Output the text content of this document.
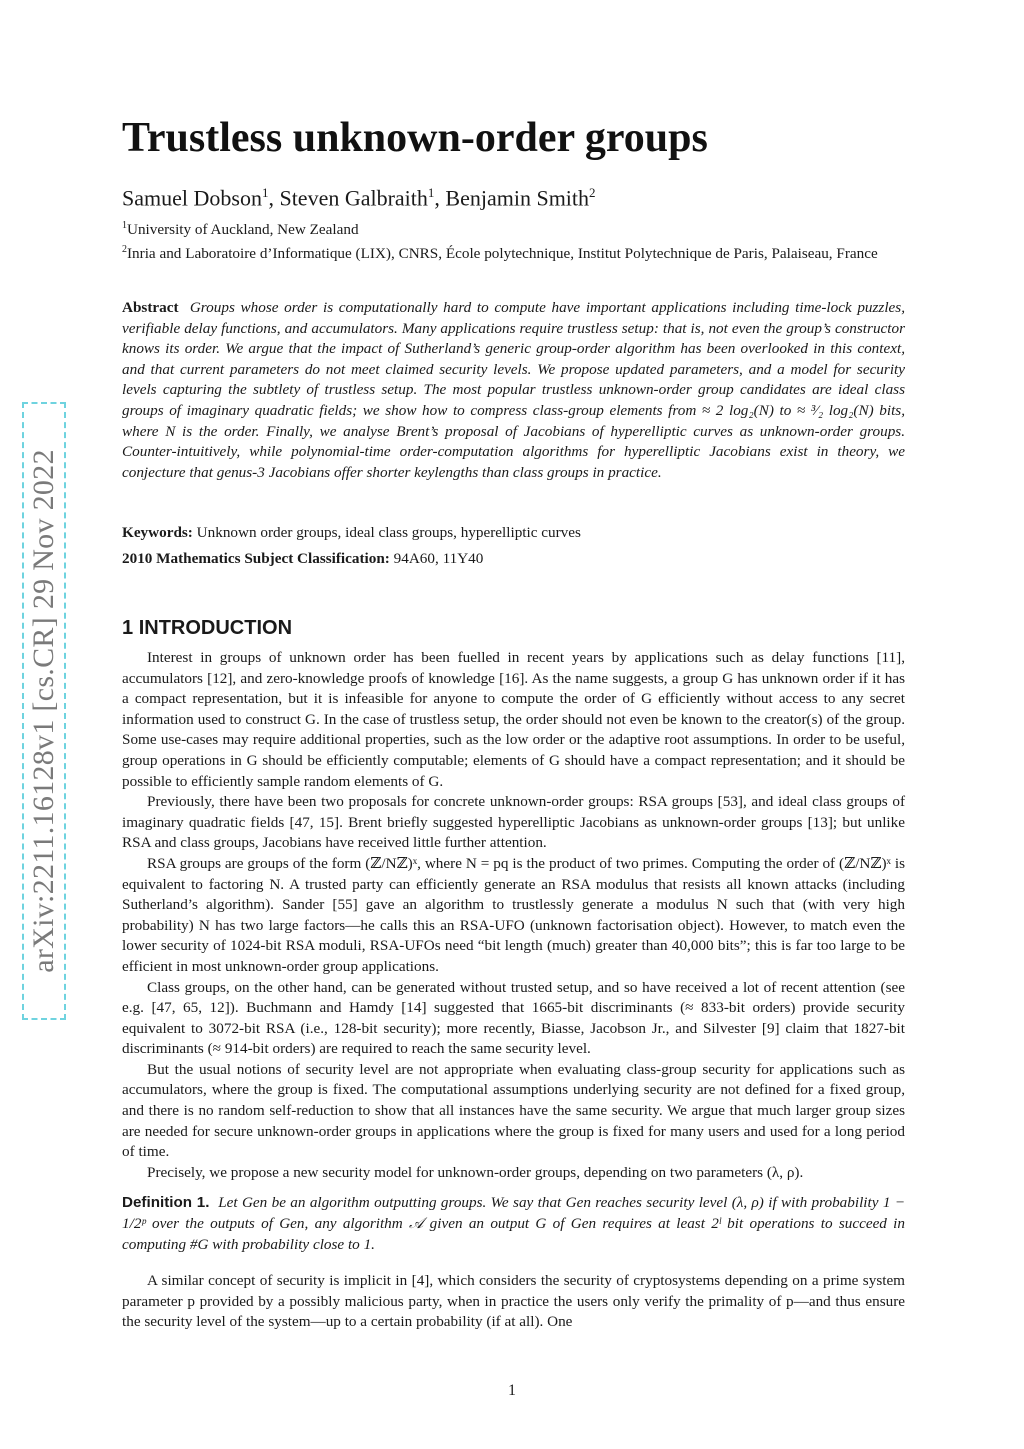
arXiv:2211.16128v1 [cs.CR] 29 Nov 2022
Trustless unknown-order groups
Samuel Dobson$^1$, Steven Galbraith$^1$, Benjamin Smith$^2$
$^1$University of Auckland, New Zealand
$^2$Inria and Laboratoire d’Informatique (LIX), CNRS, École polytechnique, Institut Polytechnique de Paris, Palaiseau, France

Abstract Groups whose order is computationally hard to compute have important applications including time-lock puzzles, verifiable delay functions, and accumulators. Many applications require trustless setup: that is, not even the group’s constructor knows its order. We argue that the impact of Sutherland’s generic group-order algorithm has been overlooked in this context, and that current parameters do not meet claimed security levels. We propose updated parameters, and a model for security levels capturing the subtlety of trustless setup. The most popular trustless unknown-order group candidates are ideal class groups of imaginary quadratic fields; we show how to compress class-group elements from ≈ 2 log₂(N) to ≈ ³⁄₂ log₂(N) bits, where N is the order. Finally, we analyse Brent’s proposal of Jacobians of hyperelliptic curves as unknown-order groups. Counter-intuitively, while polynomial-time order-computation algorithms for hyperelliptic Jacobians exist in theory, we conjecture that genus-3 Jacobians offer shorter keylengths than class groups in practice.

Keywords: Unknown order groups, ideal class groups, hyperelliptic curves
2010 Mathematics Subject Classification: 94A60, 11Y40
1 INTRODUCTION

Interest in groups of unknown order has been fuelled in recent years by applications such as delay functions [11], accumulators [12], and zero-knowledge proofs of knowledge [16]. As the name suggests, a group G has unknown order if it has a compact representation, but it is infeasible for anyone to compute the order of G efficiently without access to any secret information used to construct G. In the case of trustless setup, the order should not even be known to the creator(s) of the group. Some use-cases may require additional properties, such as the low order or the adaptive root assumptions. In order to be useful, group operations in G should be efficiently computable; elements of G should have a compact representation; and it should be possible to efficiently sample random elements of G.

Previously, there have been two proposals for concrete unknown-order groups: RSA groups [53], and ideal class groups of imaginary quadratic fields [47, 15]. Brent briefly suggested hyperelliptic Jacobians as unknown-order groups [13]; but unlike RSA and class groups, Jacobians have received little further attention.

RSA groups are groups of the form (ℤ/Nℤ)ˣ, where N = pq is the product of two primes. Computing the order of (ℤ/Nℤ)ˣ is equivalent to factoring N. A trusted party can efficiently generate an RSA modulus that resists all known attacks (including Sutherland’s algorithm). Sander [55] gave an algorithm to trustlessly generate a modulus N such that (with very high probability) N has two large factors—he calls this an RSA-UFO (unknown factorisation object). However, to match even the lower security of 1024-bit RSA moduli, RSA-UFOs need “bit length (much) greater than 40,000 bits”; this is far too large to be efficient in most unknown-order group applications.

Class groups, on the other hand, can be generated without trusted setup, and so have received a lot of recent attention (see e.g. [47, 65, 12]). Buchmann and Hamdy [14] suggested that 1665-bit discriminants (≈ 833-bit orders) provide security equivalent to 3072-bit RSA (i.e., 128-bit security); more recently, Biasse, Jacobson Jr., and Silvester [9] claim that 1827-bit discriminants (≈ 914-bit orders) are required to reach the same security level.

But the usual notions of security level are not appropriate when evaluating class-group security for applications such as accumulators, where the group is fixed. The computational assumptions underlying security are not defined for a fixed group, and there is no random self-reduction to show that all instances have the same security. We argue that much larger group sizes are needed for secure unknown-order groups in applications where the group is fixed for many users and used for a long period of time.

Precisely, we propose a new security model for unknown-order groups, depending on two parameters (λ, ρ).

Definition 1. Let Gen be an algorithm outputting groups. We say that Gen reaches security level (λ, ρ) if with probability 1 − 1/2ᵖ over the outputs of Gen, any algorithm 𝒜 given an output G of Gen requires at least 2ˡ bit operations to succeed in computing #G with probability close to 1.

A similar concept of security is implicit in [4], which considers the security of cryptosystems depending on a prime system parameter p provided by a possibly malicious party, when in practice the users only verify the primality of p—and thus ensure the security level of the system—up to a certain probability (if at all). One

1
